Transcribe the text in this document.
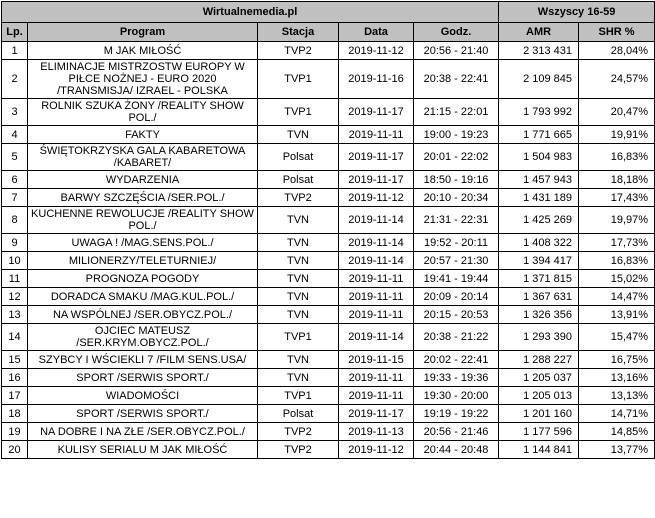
Wirtualnemedia.pl					Wszyscy 16-59	
Lp.	Program	Stacja	Data	Godz.	AMR	SHR %
1	M JAK MIŁOŚĆ	TVP2	2019-11-12	20:56 - 21:40	2 313 431	28,04%
2	ELIMINACJE MISTRZOSTW EUROPY W PIŁCE NOŻNEJ - EURO 2020 /TRANSMISJA/ IZRAEL - POLSKA	TVP1	2019-11-16	20:38 - 22:41	2 109 845	24,57%
3	ROLNIK SZUKA ŻONY /REALITY SHOW POL./	TVP1	2019-11-17	21:15 - 22:01	1 793 992	20,47%
4	FAKTY	TVN	2019-11-11	19:00 - 19:23	1 771 665	19,91%
5	ŚWIĘTOKRZYSKA GALA KABARETOWA /KABARET/	Polsat	2019-11-17	20:01 - 22:02	1 504 983	16,83%
6	WYDARZENIA	Polsat	2019-11-17	18:50 - 19:16	1 457 943	18,18%
7	BARWY SZCZĘŚCIA /SER.POL./	TVP2	2019-11-12	20:10 - 20:34	1 431 189	17,43%
8	KUCHENNE REWOLUCJE /REALITY SHOW POL./	TVN	2019-11-14	21:31 - 22:31	1 425 269	19,97%
9	UWAGA ! /MAG.SENS.POL./	TVN	2019-11-14	19:52 - 20:11	1 408 322	17,73%
10	MILIONERZY/TELETURNIEJ/	TVN	2019-11-14	20:57 - 21:30	1 394 417	16,83%
11	PROGNOZA POGODY	TVN	2019-11-11	19:41 - 19:44	1 371 815	15,02%
12	DORADCA SMAKU /MAG.KUL.POL./	TVN	2019-11-11	20:09 - 20:14	1 367 631	14,47%
13	NA WSPÓLNEJ /SER.OBYCZ.POL./	TVN	2019-11-11	20:15 - 20:53	1 326 356	13,91%
14	OJCIEC MATEUSZ /SER.KRYM.OBYCZ.POL./	TVP1	2019-11-14	20:38 - 21:22	1 293 390	15,47%
15	SZYBCY I WŚCIEKLI 7 /FILM SENS.USA/	TVN	2019-11-15	20:02 - 22:41	1 288 227	16,75%
16	SPORT /SERWIS SPORT./	TVN	2019-11-11	19:33 - 19:36	1 205 037	13,16%
17	WIADOMOŚCI	TVP1	2019-11-11	19:30 - 20:00	1 205 013	13,13%
18	SPORT /SERWIS SPORT./	Polsat	2019-11-17	19:19 - 19:22	1 201 160	14,71%
19	NA DOBRE I NA ZŁE /SER.OBYCZ.POL./	TVP2	2019-11-13	20:56 - 21:46	1 177 596	14,85%
20	KULISY SERIALU M JAK MIŁOŚĆ	TVP2	2019-11-12	20:44 - 20:48	1 144 841	13,77%
